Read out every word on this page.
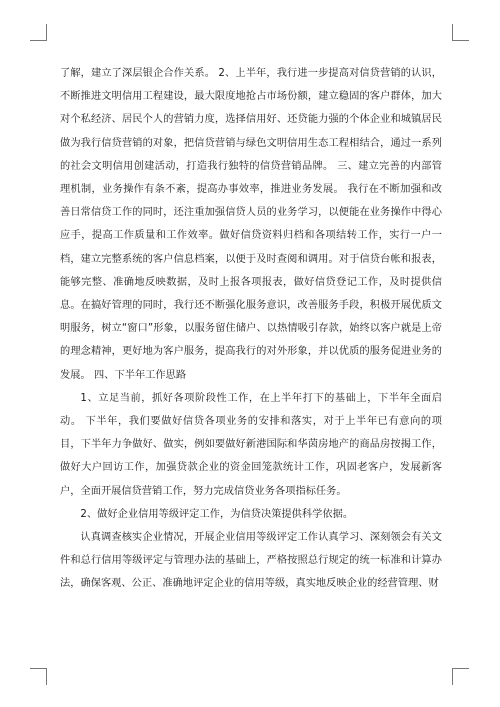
了解，建立了深层银企合作关系。 2、上半年，我行进一步提高对信贷营销的认识，不断推进文明信用工程建设，最大限度地抢占市场份额，建立稳固的客户群体，加大对个私经济、居民个人的营销力度，选择信用好、还贷能力强的个体企业和城镇居民做为我行信贷营销的对象，把信贷营销与绿色文明信用生态工程相结合，通过一系列的社会文明信用创建活动，打造我行独特的信贷营销品牌。 三、建立完善的内部管理机制，业务操作有条不紊，提高办事效率，推进业务发展。 我行在不断加强和改善日常信贷工作的同时，还注重加强信贷人员的业务学习，以便能在业务操作中得心应手，提高工作质量和工作效率。做好信贷资料归档和各项结转工作，实行一户一档，建立完整系统的客户信息档案，以便于及时查阅和调用。对于信贷台帐和报表，能够完整、准确地反映数据，及时上报各项报表，做好信贷登记工作，及时提供信息。在搞好管理的同时，我行还不断强化服务意识，改善服务手段，积极开展优质文明服务，树立“窗口”形象，以服务留住储户、以热情吸引存款，始终以客户就是上帝的理念精神，更好地为客户服务，提高我行的对外形象，并以优质的服务促进业务的发展。 四、下半年工作思路

1、立足当前，抓好各项阶段性工作，在上半年打下的基础上，下半年全面启动。 下半年，我们要做好信贷各项业务的安排和落实，对于上半年已有意向的项目，下半年力争做好、做实，例如要做好新港国际和华茵房地产的商品房按揭工作，做好大户回访工作，加强贷款企业的资金回笼款统计工作，巩固老客户，发展新客户，全面开展信贷营销工作，努力完成信贷业务各项指标任务。

2、做好企业信用等级评定工作，为信贷决策提供科学依据。

认真调查核实企业情况，开展企业信用等级评定工作认真学习、深刻领会有关文件和总行信用等级评定与管理办法的基础上，严格按照总行规定的统一标准和计算办法，确保客观、公正、准确地评定企业的信用等级，真实地反映企业的经营管理、财
